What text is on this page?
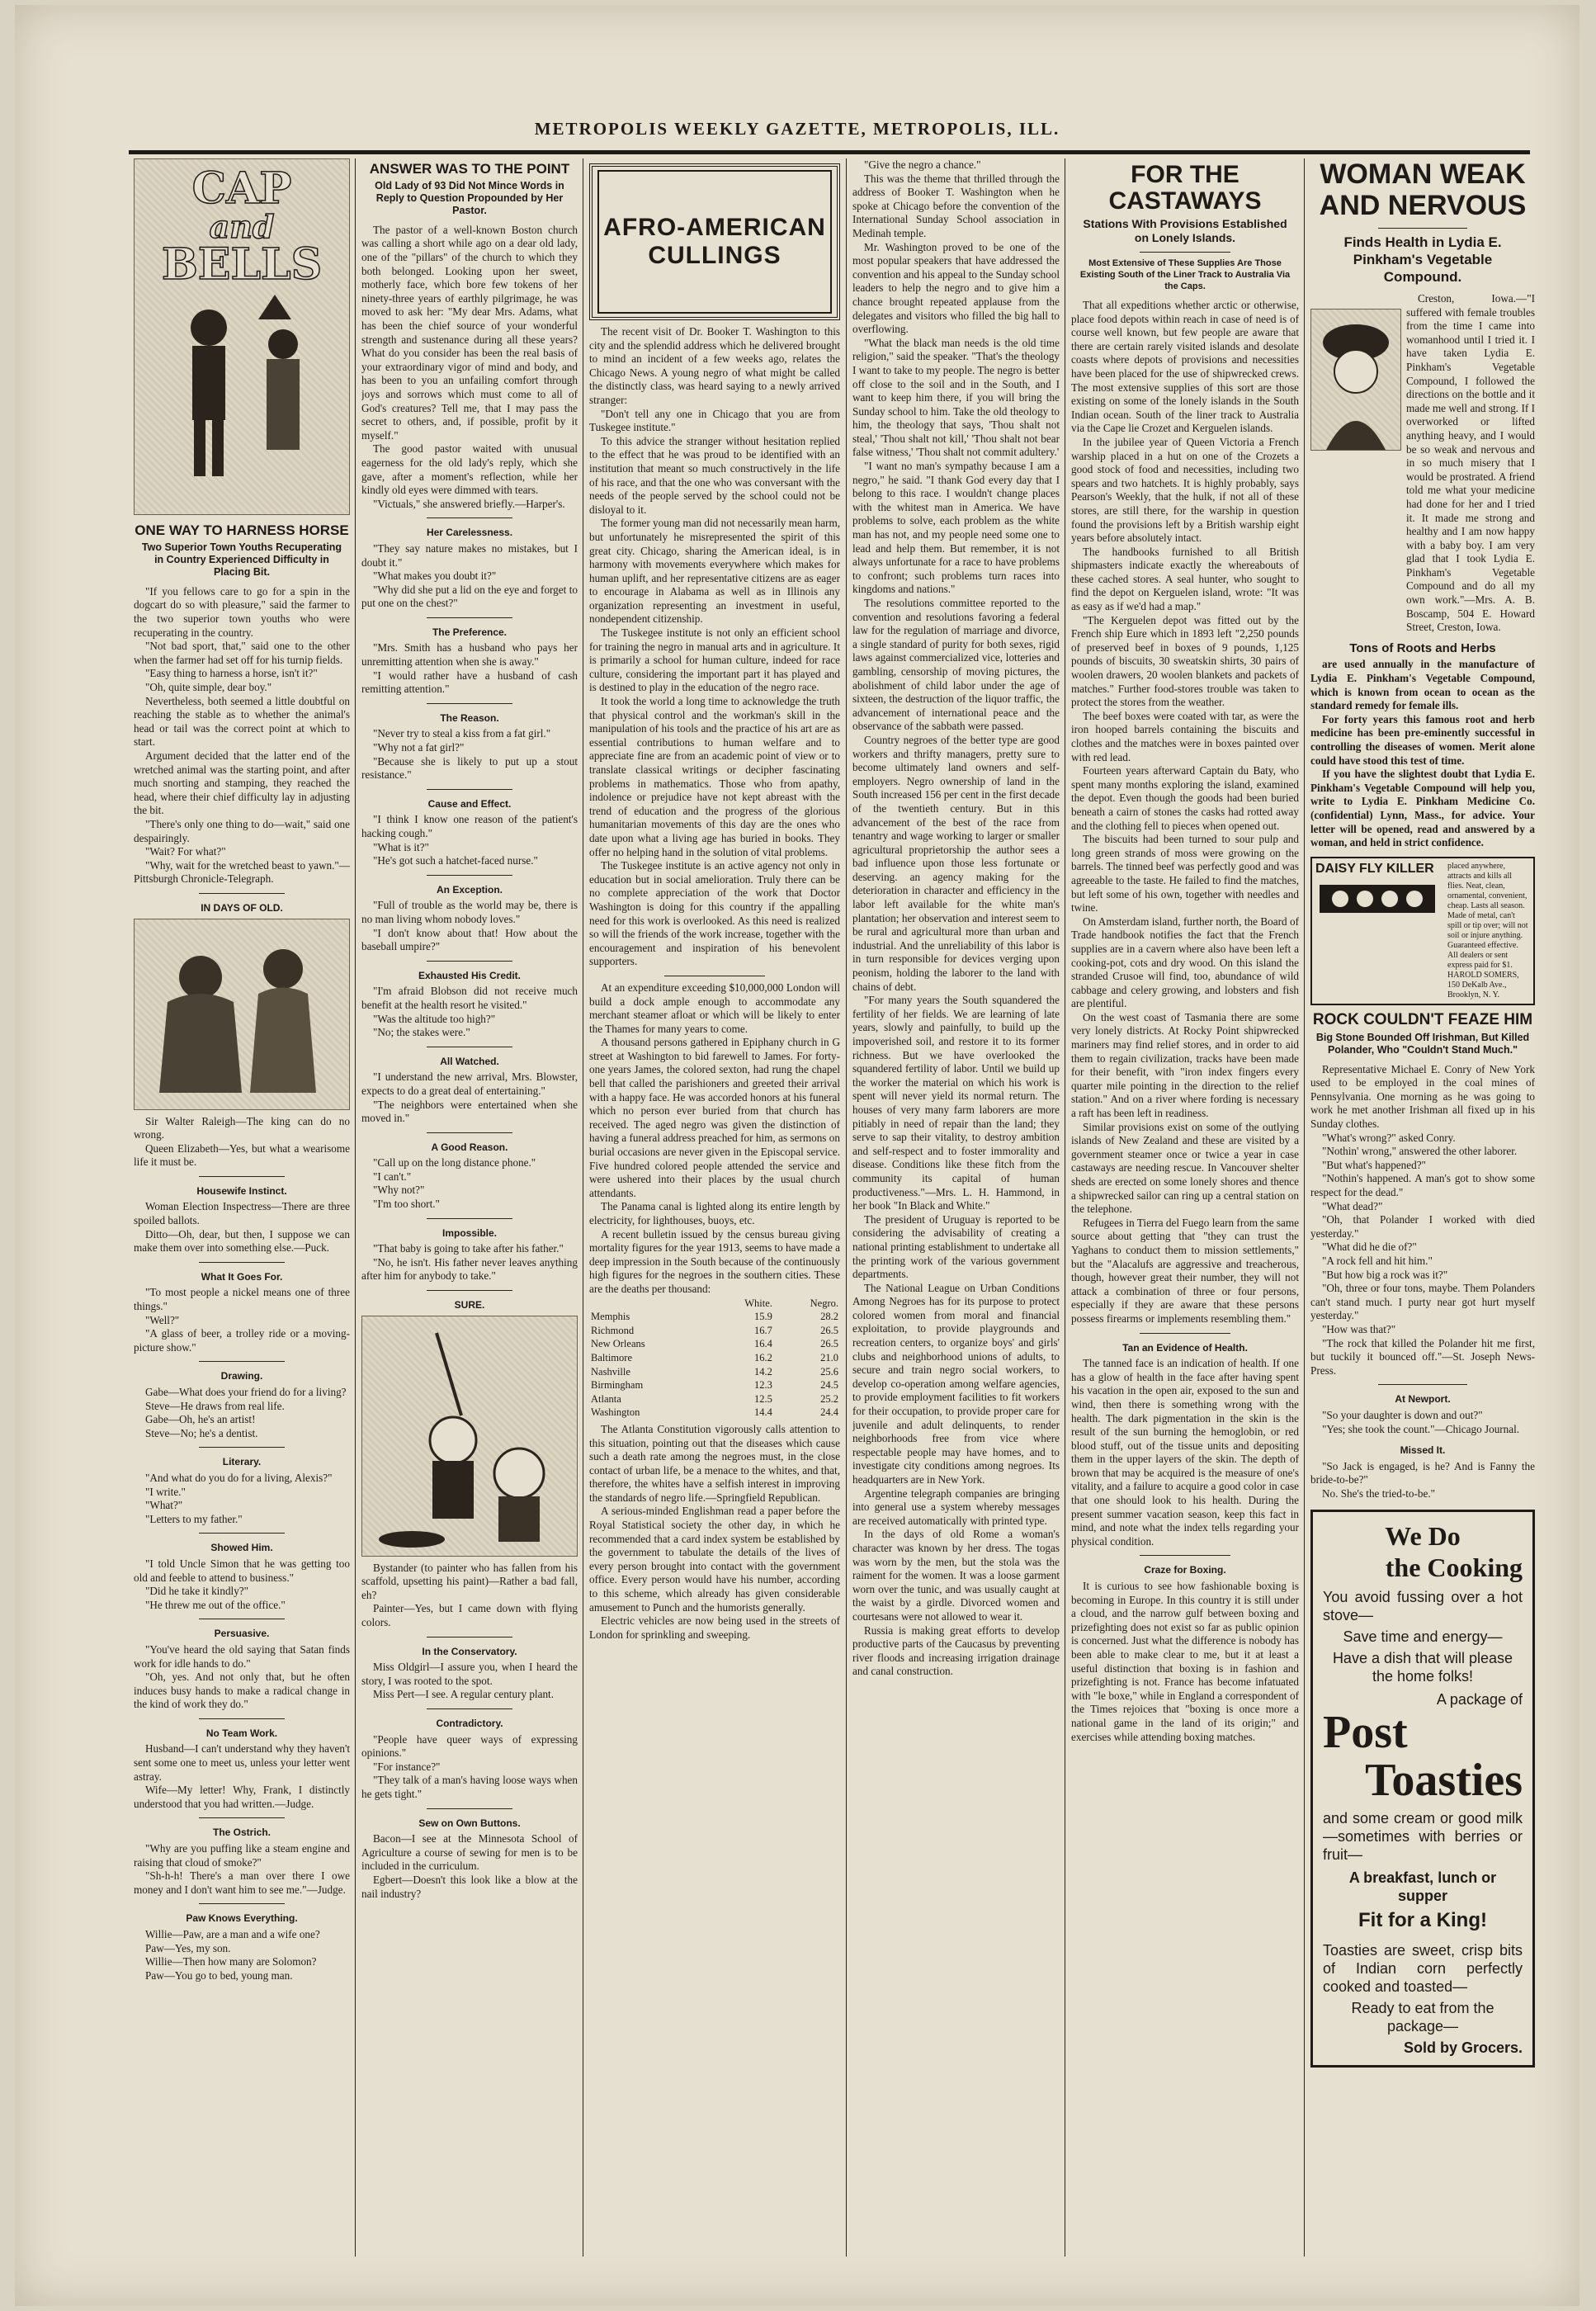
METROPOLIS WEEKLY GAZETTE, METROPOLIS, ILL.
CAP
and
BELLS
ONE WAY TO HARNESS HORSE
Two Superior Town Youths Recuperating in Country Experienced Difficulty in Placing Bit.

"If you fellows care to go for a spin in the dogcart do so with pleasure," said the farmer to the two superior town youths who were recuperating in the country.

"Not bad sport, that," said one to the other when the farmer had set off for his turnip fields.

"Easy thing to harness a horse, isn't it?"

"Oh, quite simple, dear boy."

Nevertheless, both seemed a little doubtful on reaching the stable as to whether the animal's head or tail was the correct point at which to start.

Argument decided that the latter end of the wretched animal was the starting point, and after much snorting and stamping, they reached the head, where their chief difficulty lay in adjusting the bit.

"There's only one thing to do—wait," said one despairingly.

"Wait? For what?"

"Why, wait for the wretched beast to yawn."—Pittsburgh Chronicle-Telegraph.

IN DAYS OF OLD.

Sir Walter Raleigh—The king can do no wrong.

Queen Elizabeth—Yes, but what a wearisome life it must be.

Housewife Instinct.

Woman Election Inspectress—There are three spoiled ballots.

Ditto—Oh, dear, but then, I suppose we can make them over into something else.—Puck.

What It Goes For.

"To most people a nickel means one of three things."

"Well?"

"A glass of beer, a trolley ride or a moving-picture show."

Drawing.

Gabe—What does your friend do for a living?

Steve—He draws from real life.

Gabe—Oh, he's an artist!

Steve—No; he's a dentist.

Literary.

"And what do you do for a living, Alexis?"

"I write."

"What?"

"Letters to my father."

Showed Him.

"I told Uncle Simon that he was getting too old and feeble to attend to business."

"Did he take it kindly?"

"He threw me out of the office."

Persuasive.

"You've heard the old saying that Satan finds work for idle hands to do."

"Oh, yes. And not only that, but he often induces busy hands to make a radical change in the kind of work they do."

No Team Work.

Husband—I can't understand why they haven't sent some one to meet us, unless your letter went astray.

Wife—My letter! Why, Frank, I distinctly understood that you had written.—Judge.

The Ostrich.

"Why are you puffing like a steam engine and raising that cloud of smoke?"

"Sh-h-h! There's a man over there I owe money and I don't want him to see me."—Judge.

Paw Knows Everything.

Willie—Paw, are a man and a wife one?

Paw—Yes, my son.

Willie—Then how many are Solomon?

Paw—You go to bed, young man.

ANSWER WAS TO THE POINT
Old Lady of 93 Did Not Mince Words in Reply to Question Propounded by Her Pastor.

The pastor of a well-known Boston church was calling a short while ago on a dear old lady, one of the "pillars" of the church to which they both belonged. Looking upon her sweet, motherly face, which bore few tokens of her ninety-three years of earthly pilgrimage, he was moved to ask her: "My dear Mrs. Adams, what has been the chief source of your wonderful strength and sustenance during all these years? What do you consider has been the real basis of your extraordinary vigor of mind and body, and has been to you an unfailing comfort through joys and sorrows which must come to all of God's creatures? Tell me, that I may pass the secret to others, and, if possible, profit by it myself."

The good pastor waited with unusual eagerness for the old lady's reply, which she gave, after a moment's reflection, while her kindly old eyes were dimmed with tears.

"Victuals," she answered briefly.—Harper's.

Her Carelessness.

"They say nature makes no mistakes, but I doubt it."

"What makes you doubt it?"

"Why did she put a lid on the eye and forget to put one on the chest?"

The Preference.

"Mrs. Smith has a husband who pays her unremitting attention when she is away."

"I would rather have a husband of cash remitting attention."

The Reason.

"Never try to steal a kiss from a fat girl."

"Why not a fat girl?"

"Because she is likely to put up a stout resistance."

Cause and Effect.

"I think I know one reason of the patient's hacking cough."

"What is it?"

"He's got such a hatchet-faced nurse."

An Exception.

"Full of trouble as the world may be, there is no man living whom nobody loves."

"I don't know about that! How about the baseball umpire?"

Exhausted His Credit.

"I'm afraid Blobson did not receive much benefit at the health resort he visited."

"Was the altitude too high?"

"No; the stakes were."

All Watched.

"I understand the new arrival, Mrs. Blowster, expects to do a great deal of entertaining."

"The neighbors were entertained when she moved in."

A Good Reason.

"Call up on the long distance phone."

"I can't."

"Why not?"

"I'm too short."

Impossible.

"That baby is going to take after his father."

"No, he isn't. His father never leaves anything after him for anybody to take."

SURE.

Bystander (to painter who has fallen from his scaffold, upsetting his paint)—Rather a bad fall, eh?

Painter—Yes, but I came down with flying colors.

In the Conservatory.

Miss Oldgirl—I assure you, when I heard the story, I was rooted to the spot.

Miss Pert—I see. A regular century plant.

Contradictory.

"People have queer ways of expressing opinions."

"For instance?"

"They talk of a man's having loose ways when he gets tight."

Sew on Own Buttons.

Bacon—I see at the Minnesota School of Agriculture a course of sewing for men is to be included in the curriculum.

Egbert—Doesn't this look like a blow at the nail industry?

AFRO-AMERICAN CULLINGS

The recent visit of Dr. Booker T. Washington to this city and the splendid address which he delivered brought to mind an incident of a few weeks ago, relates the Chicago News. A young negro of what might be called the distinctly class, was heard saying to a newly arrived stranger:

"Don't tell any one in Chicago that you are from Tuskegee institute."

To this advice the stranger without hesitation replied to the effect that he was proud to be identified with an institution that meant so much constructively in the life of his race, and that the one who was conversant with the needs of the people served by the school could not be disloyal to it.

The former young man did not necessarily mean harm, but unfortunately he misrepresented the spirit of this great city. Chicago, sharing the American ideal, is in harmony with movements everywhere which makes for human uplift, and her representative citizens are as eager to encourage in Alabama as well as in Illinois any organization representing an investment in useful, nondependent citizenship.

The Tuskegee institute is not only an efficient school for training the negro in manual arts and in agriculture. It is primarily a school for human culture, indeed for race culture, considering the important part it has played and is destined to play in the education of the negro race.

It took the world a long time to acknowledge the truth that physical control and the workman's skill in the manipulation of his tools and the practice of his art are as essential contributions to human welfare and to appreciate fine are from an academic point of view or to translate classical writings or decipher fascinating problems in mathematics. Those who from apathy, indolence or prejudice have not kept abreast with the trend of education and the progress of the glorious humanitarian movements of this day are the ones who date upon what a living age has buried in books. They offer no helping hand in the solution of vital problems.

The Tuskegee institute is an active agency not only in education but in social amelioration. Truly there can be no complete appreciation of the work that Doctor Washington is doing for this country if the appalling need for this work is overlooked. As this need is realized so will the friends of the work increase, together with the encouragement and inspiration of his benevolent supporters.

At an expenditure exceeding $10,000,000 London will build a dock ample enough to accommodate any merchant steamer afloat or which will be likely to enter the Thames for many years to come.

A thousand persons gathered in Epiphany church in G street at Washington to bid farewell to James. For forty-one years James, the colored sexton, had rung the chapel bell that called the parishioners and greeted their arrival with a happy face. He was accorded honors at his funeral which no person ever buried from that church has received. The aged negro was given the distinction of having a funeral address preached for him, as sermons on burial occasions are never given in the Episcopal service. Five hundred colored people attended the service and were ushered into their places by the usual church attendants.

The Panama canal is lighted along its entire length by electricity, for lighthouses, buoys, etc.

A recent bulletin issued by the census bureau giving mortality figures for the year 1913, seems to have made a deep impression in the South because of the continuously high figures for the negroes in the southern cities. These are the deaths per thousand:

	White.	Negro.
Memphis	15.9	28.2
Richmond	16.7	26.5
New Orleans	16.4	26.5
Baltimore	16.2	21.0
Nashville	14.2	25.6
Birmingham	12.3	24.5
Atlanta	12.5	25.2
Washington	14.4	24.4

The Atlanta Constitution vigorously calls attention to this situation, pointing out that the diseases which cause such a death rate among the negroes must, in the close contact of urban life, be a menace to the whites, and that, therefore, the whites have a selfish interest in improving the standards of negro life.—Springfield Republican.

A serious-minded Englishman read a paper before the Royal Statistical society the other day, in which he recommended that a card index system be established by the government to tabulate the details of the lives of every person brought into contact with the government office. Every person would have his number, according to this scheme, which already has given considerable amusement to Punch and the humorists generally.

Electric vehicles are now being used in the streets of London for sprinkling and sweeping.

"Give the negro a chance."

This was the theme that thrilled through the address of Booker T. Washington when he spoke at Chicago before the convention of the International Sunday School association in Medinah temple.

Mr. Washington proved to be one of the most popular speakers that have addressed the convention and his appeal to the Sunday school leaders to help the negro and to give him a chance brought repeated applause from the delegates and visitors who filled the big hall to overflowing.

"What the black man needs is the old time religion," said the speaker. "That's the theology I want to take to my people. The negro is better off close to the soil and in the South, and I want to keep him there, if you will bring the Sunday school to him. Take the old theology to him, the theology that says, 'Thou shalt not steal,' 'Thou shalt not kill,' 'Thou shalt not bear false witness,' 'Thou shalt not commit adultery.'

"I want no man's sympathy because I am a negro," he said. "I thank God every day that I belong to this race. I wouldn't change places with the whitest man in America. We have problems to solve, each problem as the white man has not, and my people need some one to lead and help them. But remember, it is not always unfortunate for a race to have problems to confront; such problems turn races into kingdoms and nations."

The resolutions committee reported to the convention and resolutions favoring a federal law for the regulation of marriage and divorce, a single standard of purity for both sexes, rigid laws against commercialized vice, lotteries and gambling, censorship of moving pictures, the abolishment of child labor under the age of sixteen, the destruction of the liquor traffic, the advancement of international peace and the observance of the sabbath were passed.

Country negroes of the better type are good workers and thrifty managers, pretty sure to become ultimately land owners and self-employers. Negro ownership of land in the South increased 156 per cent in the first decade of the twentieth century. But in this advancement of the best of the race from tenantry and wage working to larger or smaller agricultural proprietorship the author sees a bad influence upon those less fortunate or deserving. an agency making for the deterioration in character and efficiency in the labor left available for the white man's plantation; her observation and interest seem to be rural and agricultural more than urban and industrial. And the unreliability of this labor is in turn responsible for devices verging upon peonism, holding the laborer to the land with chains of debt.

"For many years the South squandered the fertility of her fields. We are learning of late years, slowly and painfully, to build up the impoverished soil, and restore it to its former richness. But we have overlooked the squandered fertility of labor. Until we build up the worker the material on which his work is spent will never yield its normal return. The houses of very many farm laborers are more pitiably in need of repair than the land; they serve to sap their vitality, to destroy ambition and self-respect and to foster immorality and disease. Conditions like these fitch from the community its capital of human productiveness."—Mrs. L. H. Hammond, in her book "In Black and White."

The president of Uruguay is reported to be considering the advisability of creating a national printing establishment to undertake all the printing work of the various government departments.

The National League on Urban Conditions Among Negroes has for its purpose to protect colored women from moral and financial exploitation, to provide playgrounds and recreation centers, to organize boys' and girls' clubs and neighborhood unions of adults, to secure and train negro social workers, to develop co-operation among welfare agencies, to provide employment facilities to fit workers for their occupation, to provide proper care for juvenile and adult delinquents, to render neighborhoods free from vice where respectable people may have homes, and to investigate city conditions among negroes. Its headquarters are in New York.

Argentine telegraph companies are bringing into general use a system whereby messages are received automatically with printed type.

In the days of old Rome a woman's character was known by her dress. The togas was worn by the men, but the stola was the raiment for the women. It was a loose garment worn over the tunic, and was usually caught at the waist by a girdle. Divorced women and courtesans were not allowed to wear it.

Russia is making great efforts to develop productive parts of the Caucasus by preventing river floods and increasing irrigation drainage and canal construction.

FOR THE CASTAWAYS
Stations With Provisions Established on Lonely Islands.
Most Extensive of These Supplies Are Those Existing South of the Liner Track to Australia Via the Caps.

That all expeditions whether arctic or otherwise, place food depots within reach in case of need is of course well known, but few people are aware that there are certain rarely visited islands and desolate coasts where depots of provisions and necessities have been placed for the use of shipwrecked crews. The most extensive supplies of this sort are those existing on some of the lonely islands in the South Indian ocean. South of the liner track to Australia via the Cape lie Crozet and Kerguelen islands.

In the jubilee year of Queen Victoria a French warship placed in a hut on one of the Crozets a good stock of food and necessities, including two spears and two hatchets. It is highly probably, says Pearson's Weekly, that the hulk, if not all of these stores, are still there, for the warship in question found the provisions left by a British warship eight years before absolutely intact.

The handbooks furnished to all British shipmasters indicate exactly the whereabouts of these cached stores. A seal hunter, who sought to find the depot on Kerguelen island, wrote: "It was as easy as if we'd had a map."

"The Kerguelen depot was fitted out by the French ship Eure which in 1893 left "2,250 pounds of preserved beef in boxes of 9 pounds, 1,125 pounds of biscuits, 30 sweatskin shirts, 30 pairs of woolen drawers, 20 woolen blankets and packets of matches." Further food-stores trouble was taken to protect the stores from the weather.

The beef boxes were coated with tar, as were the iron hooped barrels containing the biscuits and clothes and the matches were in boxes painted over with red lead.

Fourteen years afterward Captain du Baty, who spent many months exploring the island, examined the depot. Even though the goods had been buried beneath a cairn of stones the casks had rotted away and the clothing fell to pieces when opened out.

The biscuits had been turned to sour pulp and long green strands of moss were growing on the barrels. The tinned beef was perfectly good and was agreeable to the taste. He failed to find the matches, but left some of his own, together with needles and twine.

On Amsterdam island, further north, the Board of Trade handbook notifies the fact that the French supplies are in a cavern where also have been left a cooking-pot, cots and dry wood. On this island the stranded Crusoe will find, too, abundance of wild cabbage and celery growing, and lobsters and fish are plentiful.

On the west coast of Tasmania there are some very lonely districts. At Rocky Point shipwrecked mariners may find relief stores, and in order to aid them to regain civilization, tracks have been made for their benefit, with "iron index fingers every quarter mile pointing in the direction to the relief station." And on a river where fording is necessary a raft has been left in readiness.

Similar provisions exist on some of the outlying islands of New Zealand and these are visited by a government steamer once or twice a year in case castaways are needing rescue. In Vancouver shelter sheds are erected on some lonely shores and thence a shipwrecked sailor can ring up a central station on the telephone.

Refugees in Tierra del Fuego learn from the same source about getting that "they can trust the Yaghans to conduct them to mission settlements," but the "Alacalufs are aggressive and treacherous, though, however great their number, they will not attack a combination of three or four persons, especially if they are aware that these persons possess firearms or implements resembling them."

Tan an Evidence of Health.

The tanned face is an indication of health. If one has a glow of health in the face after having spent his vacation in the open air, exposed to the sun and wind, then there is something wrong with the health. The dark pigmentation in the skin is the result of the sun burning the hemoglobin, or red blood stuff, out of the tissue units and depositing them in the upper layers of the skin. The depth of brown that may be acquired is the measure of one's vitality, and a failure to acquire a good color in case that one should look to his health. During the present summer vacation season, keep this fact in mind, and note what the index tells regarding your physical condition.

Craze for Boxing.

It is curious to see how fashionable boxing is becoming in Europe. In this country it is still under a cloud, and the narrow gulf between boxing and prizefighting does not exist so far as public opinion is concerned. Just what the difference is nobody has been able to make clear to me, but it at least a useful distinction that boxing is in fashion and prizefighting is not. France has become infatuated with "le boxe," while in England a correspondent of the Times rejoices that "boxing is once more a national game in the land of its origin;" and exercises while attending boxing matches.

WOMAN WEAK
AND NERVOUS
Finds Health in Lydia E. Pinkham's Vegetable Compound.

Creston, Iowa.—"I suffered with female troubles from the time I came into womanhood until I tried it. I have taken Lydia E. Pinkham's Vegetable Compound, I followed the directions on the bottle and it made me well and strong. If I overworked or lifted anything heavy, and I would be so weak and nervous and in so much misery that I would be prostrated. A friend told me what your medicine had done for her and I tried it. It made me strong and healthy and I am now happy with a baby boy. I am very glad that I took Lydia E. Pinkham's Vegetable Compound and do all my own work."—Mrs. A. B. Boscamp, 504 E. Howard Street, Creston, Iowa.

Tons of Roots and Herbs

are used annually in the manufacture of Lydia E. Pinkham's Vegetable Compound, which is known from ocean to ocean as the standard remedy for female ills.

For forty years this famous root and herb medicine has been pre-eminently successful in controlling the diseases of women. Merit alone could have stood this test of time.

If you have the slightest doubt that Lydia E. Pinkham's Vegetable Compound will help you, write to Lydia E. Pinkham Medicine Co. (confidential) Lynn, Mass., for advice. Your letter will be opened, read and answered by a woman, and held in strict confidence.

DAISY FLY KILLER	placed anywhere, attracts and kills all flies. Neat, clean, ornamental, convenient, cheap. Lasts all season. Made of metal, can't spill or tip over; will not soil or injure anything. Guaranteed effective. All dealers or sent express paid for $1. HAROLD SOMERS, 150 DeKalb Ave., Brooklyn, N. Y.
ROCK COULDN'T FEAZE HIM
Big Stone Bounded Off Irishman, But Killed Polander, Who "Couldn't Stand Much."

Representative Michael E. Conry of New York used to be employed in the coal mines of Pennsylvania. One morning as he was going to work he met another Irishman all fixed up in his Sunday clothes.

"What's wrong?" asked Conry.

"Nothin' wrong," answered the other laborer.

"But what's happened?"

"Nothin's happened. A man's got to show some respect for the dead."

"What dead?"

"Oh, that Polander I worked with died yesterday."

"What did he die of?"

"A rock fell and hit him."

"But how big a rock was it?"

"Oh, three or four tons, maybe. Them Polanders can't stand much. I purty near got hurt myself yesterday."

"How was that?"

"The rock that killed the Polander hit me first, but tuckily it bounced off."—St. Joseph News-Press.

At Newport.

"So your daughter is down and out?"

"Yes; she took the count."—Chicago Journal.

Missed It.

"So Jack is engaged, is he? And is Fanny the bride-to-be?"

No. She's the tried-to-be."

We Do
the Cooking
You avoid fussing over a hot stove—
Save time and energy—
Have a dish that will please the home folks!
A package of
Post
Toasties
and some cream or good milk —sometimes with berries or fruit—
A breakfast, lunch or supper
Fit for a King!
Toasties are sweet, crisp bits of Indian corn perfectly cooked and toasted—
Ready to eat from the package—
Sold by Grocers.
